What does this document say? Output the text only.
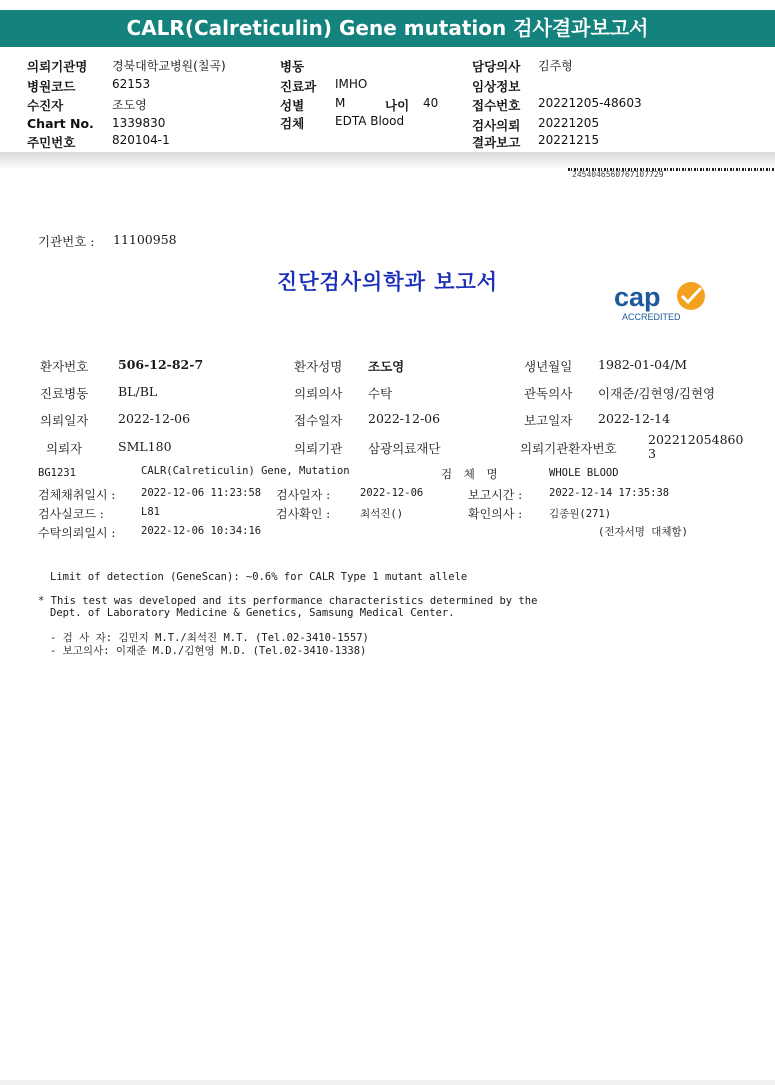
CALR(Calreticulin) Gene mutation 검사결과보고서
의뢰기관명 경북대학교병원(칠곡)
병원코드	62153
수진자	조도영
Chart No. 1339830
주민번호	820104-1
병동
진료과 IMHO
성별	M	나이 40
검체	EDTA Blood
담당의사 김주형
임상정보
접수번호 20221205-48603
검사의뢰 20221205
결과보고 20221215
2454046560767107729
기관번호 : 11100958
진단검사의학과 보고서	cap
ACCREDITED
환자번호 506-12-82-7	환자성명 조도영	생년월일 1982-01-04/M
진료병동 BL/BL	의뢰의사 수탁	관독의사 이재준/김현영/김현영
의뢰일자 2022-12-06	접수일자 2022-12-06	보고일자 2022-12-14
의뢰자	SML180	의뢰기관 삼광의료재단	의뢰기관환자번호
202212054860
3
BG1231	CALR(Calreticulin) Gene, Mutation	검 체 명	WHOLE BLOOD
검체채취일시 : 2022-12-06 11:23:58 검사일자 :	2022-12-06	보고시간 :	2022-12-14 17:35:38
검사실코드 :	L81	검사확인 :	최석진()	확인의사 :	김종원(271)
수탁의뢰일시 : 2022-12-06 10:34:16	(전자서명 대체함)
Limit of detection (GeneScan): ~0.6% for CALR Type 1 mutant allele
* This test was developed and its performance characteristics determined by the
Dept. of Laboratory Medicine & Genetics, Samsung Medical Center.
- 검 사 자: 김민지 M.T./최석진 M.T. (Tel.02-3410-1557)
- 보고의사: 이재준 M.D./김현영 M.D. (Tel.02-3410-1338)
